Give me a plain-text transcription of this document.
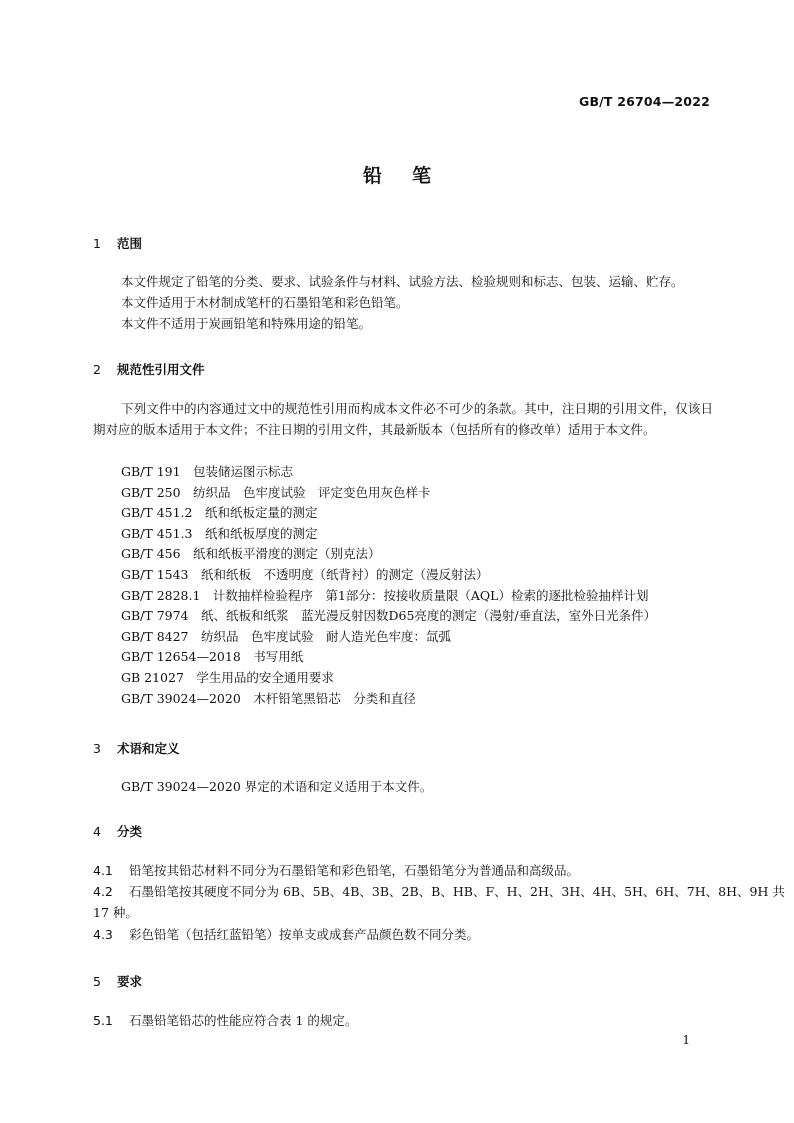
GB/T 26704—2022
铅笔
1 范围
本文件规定了铅笔的分类、要求、试验条件与材料、试验方法、检验规则和标志、包装、运输、贮存。
本文件适用于木材制成笔杆的石墨铅笔和彩色铅笔。
本文件不适用于炭画铅笔和特殊用途的铅笔。
2 规范性引用文件
下列文件中的内容通过文中的规范性引用而构成本文件必不可少的条款。其中，注日期的引用文件，仅该日期对应的版本适用于本文件；不注日期的引用文件，其最新版本（包括所有的修改单）适用于本文件。
GB/T 191　包装储运图示标志
GB/T 250　纺织品　色牢度试验　评定变色用灰色样卡
GB/T 451.2　纸和纸板定量的测定
GB/T 451.3　纸和纸板厚度的测定
GB/T 456　纸和纸板平滑度的测定（别克法）
GB/T 1543　纸和纸板　不透明度（纸背衬）的测定（漫反射法）
GB/T 2828.1　计数抽样检验程序　第1部分：按接收质量限（AQL）检索的逐批检验抽样计划
GB/T 7974　纸、纸板和纸浆　蓝光漫反射因数D65亮度的测定（漫射/垂直法，室外日光条件）
GB/T 8427　纺织品　色牢度试验　耐人造光色牢度：氙弧
GB/T 12654—2018　书写用纸
GB 21027　学生用品的安全通用要求
GB/T 39024—2020　木杆铅笔黑铅芯　分类和直径
3 术语和定义
GB/T 39024—2020 界定的术语和定义适用于本文件。
4 分类
4.1 铅笔按其铅芯材料不同分为石墨铅笔和彩色铅笔，石墨铅笔分为普通品和高级品。
4.2 石墨铅笔按其硬度不同分为 6B、5B、4B、3B、2B、B、HB、F、H、2H、3H、4H、5H、6H、7H、8H、9H 共
17 种。
4.3 彩色铅笔（包括红蓝铅笔）按单支或成套产品颜色数不同分类。
5 要求
5.1 石墨铅笔铅芯的性能应符合表 1 的规定。
1
